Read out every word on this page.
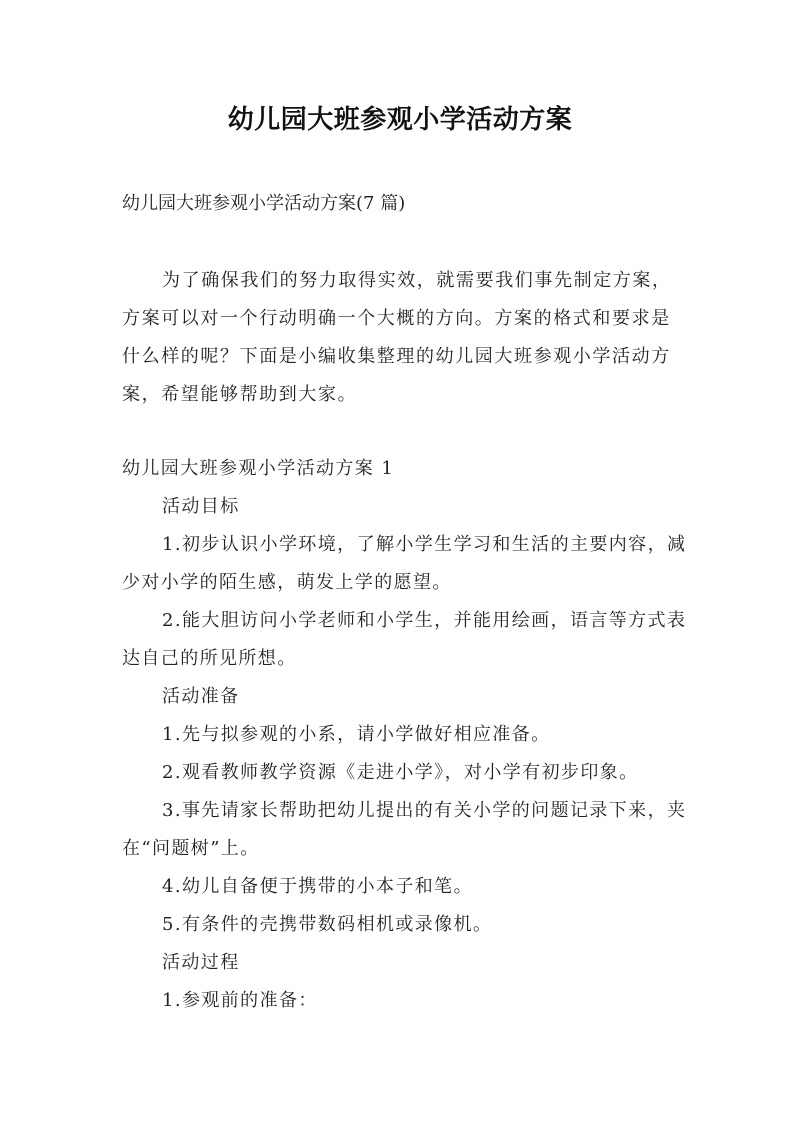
幼儿园大班参观小学活动方案
幼儿园大班参观小学活动方案(7 篇)

为了确保我们的努力取得实效，就需要我们事先制定方案，方案可以对一个行动明确一个大概的方向。方案的格式和要求是什么样的呢？下面是小编收集整理的幼儿园大班参观小学活动方案，希望能够帮助到大家。

幼儿园大班参观小学活动方案 1

活动目标

1.初步认识小学环境，了解小学生学习和生活的主要内容，减少对小学的陌生感，萌发上学的愿望。

2.能大胆访问小学老师和小学生，并能用绘画，语言等方式表达自己的所见所想。

活动准备

1.先与拟参观的小系，请小学做好相应准备。

2.观看教师教学资源《走进小学》，对小学有初步印象。

3.事先请家长帮助把幼儿提出的有关小学的问题记录下来，夹在“问题树”上。

4.幼儿自备便于携带的小本子和笔。

5.有条件的壳携带数码相机或录像机。

活动过程

1.参观前的准备：
